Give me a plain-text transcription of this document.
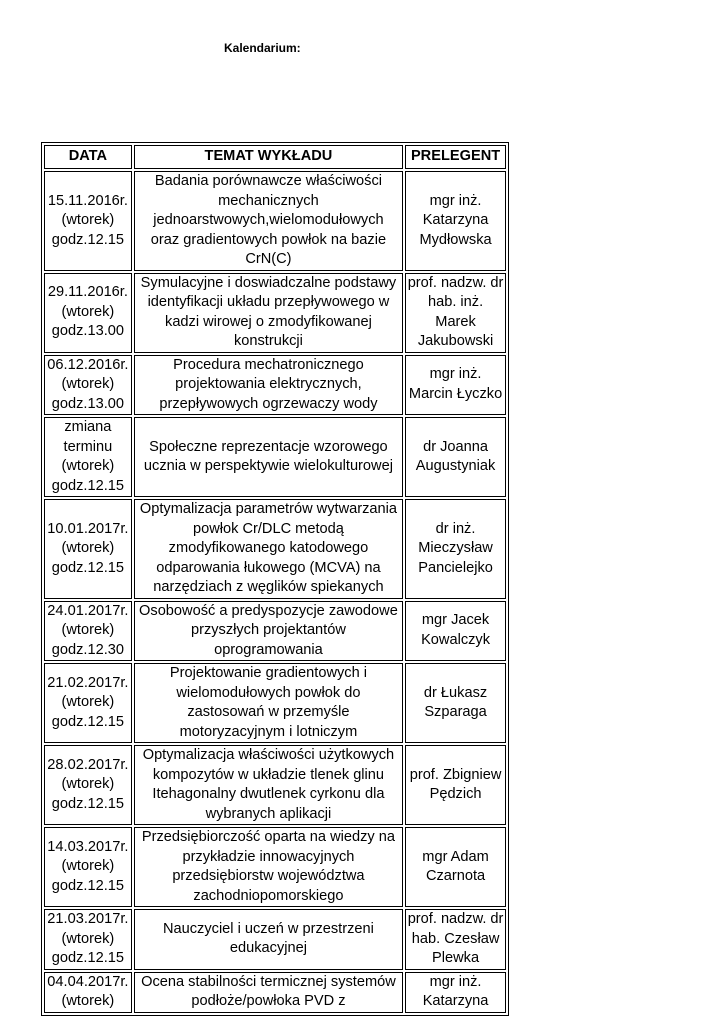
Kalendarium:
DATA	TEMAT WYKŁADU	PRELEGENT
15.11.2016r.
(wtorek)
godz.12.15	Badania porównawcze właściwości
mechanicznych
jednoarstwowych,wielomodułowych
oraz gradientowych powłok na bazie
CrN(C)	mgr inż.
Katarzyna
Mydłowska
29.11.2016r.
(wtorek)
godz.13.00	Symulacyjne i doswiadczalne podstawy
identyfikacji układu przepływowego w
kadzi wirowej o zmodyfikowanej
konstrukcji	prof. nadzw. dr
hab. inż.
Marek
Jakubowski
06.12.2016r.
(wtorek)
godz.13.00	Procedura mechatronicznego
projektowania elektrycznych,
przepływowych ogrzewaczy wody	mgr inż.
Marcin Łyczko
zmiana
terminu
(wtorek)
godz.12.15	Społeczne reprezentacje wzorowego
ucznia w perspektywie wielokulturowej	dr Joanna
Augustyniak
10.01.2017r.
(wtorek)
godz.12.15	Optymalizacja parametrów wytwarzania
powłok Cr/DLC metodą
zmodyfikowanego katodowego
odparowania łukowego (MCVA) na
narzędziach z węglików spiekanych	dr inż.
Mieczysław
Pancielejko
24.01.2017r.
(wtorek)
godz.12.30	Osobowość a predyspozycje zawodowe
przyszłych projektantów
oprogramowania	mgr Jacek
Kowalczyk
21.02.2017r.
(wtorek)
godz.12.15	Projektowanie gradientowych i
wielomodułowych powłok do
zastosowań w przemyśle
motoryzacyjnym i lotniczym	dr Łukasz
Szparaga
28.02.2017r.
(wtorek)
godz.12.15	Optymalizacja właściwości użytkowych
kompozytów w układzie tlenek glinu
Itehagonalny dwutlenek cyrkonu dla
wybranych aplikacji	prof. Zbigniew
Pędzich
14.03.2017r.
(wtorek)
godz.12.15	Przedsiębiorczość oparta na wiedzy na
przykładzie innowacyjnych
przedsiębiorstw województwa
zachodniopomorskiego	mgr Adam
Czarnota
21.03.2017r.
(wtorek)
godz.12.15	Nauczyciel i uczeń w przestrzeni
edukacyjnej	prof. nadzw. dr
hab. Czesław
Plewka
04.04.2017r.
(wtorek)	Ocena stabilności termicznej systemów
podłoże/powłoka PVD z	mgr inż.
Katarzyna
